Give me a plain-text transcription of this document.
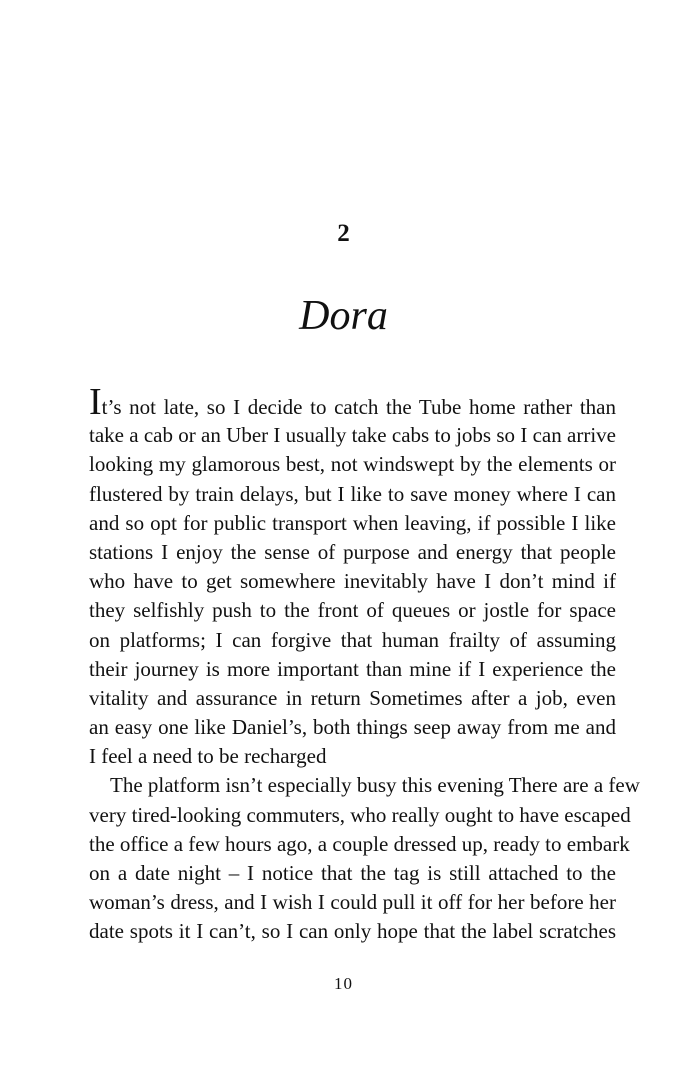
2
Dora
It’s not late, so I decide to catch the Tube home rather than
take a cab or an Uber I usually take cabs to jobs so I can arrive
looking my glamorous best, not windswept by the elements or
flustered by train delays, but I like to save money where I can
and so opt for public transport when leaving, if possible I like
stations I enjoy the sense of purpose and energy that people
who have to get somewhere inevitably have I don’t mind if
they selfishly push to the front of queues or jostle for space
on platforms; I can forgive that human frailty of assuming
their journey is more important than mine if I experience the
vitality and assurance in return Sometimes after a job, even
an easy one like Daniel’s, both things seep away from me and
I feel a need to be recharged
The platform isn’t especially busy this evening There are a few
very tired-looking commuters, who really ought to have escaped
the office a few hours ago, a couple dressed up, ready to embark
on a date night – I notice that the tag is still attached to the
woman’s dress, and I wish I could pull it off for her before her
date spots it I can’t, so I can only hope that the label scratches
10
